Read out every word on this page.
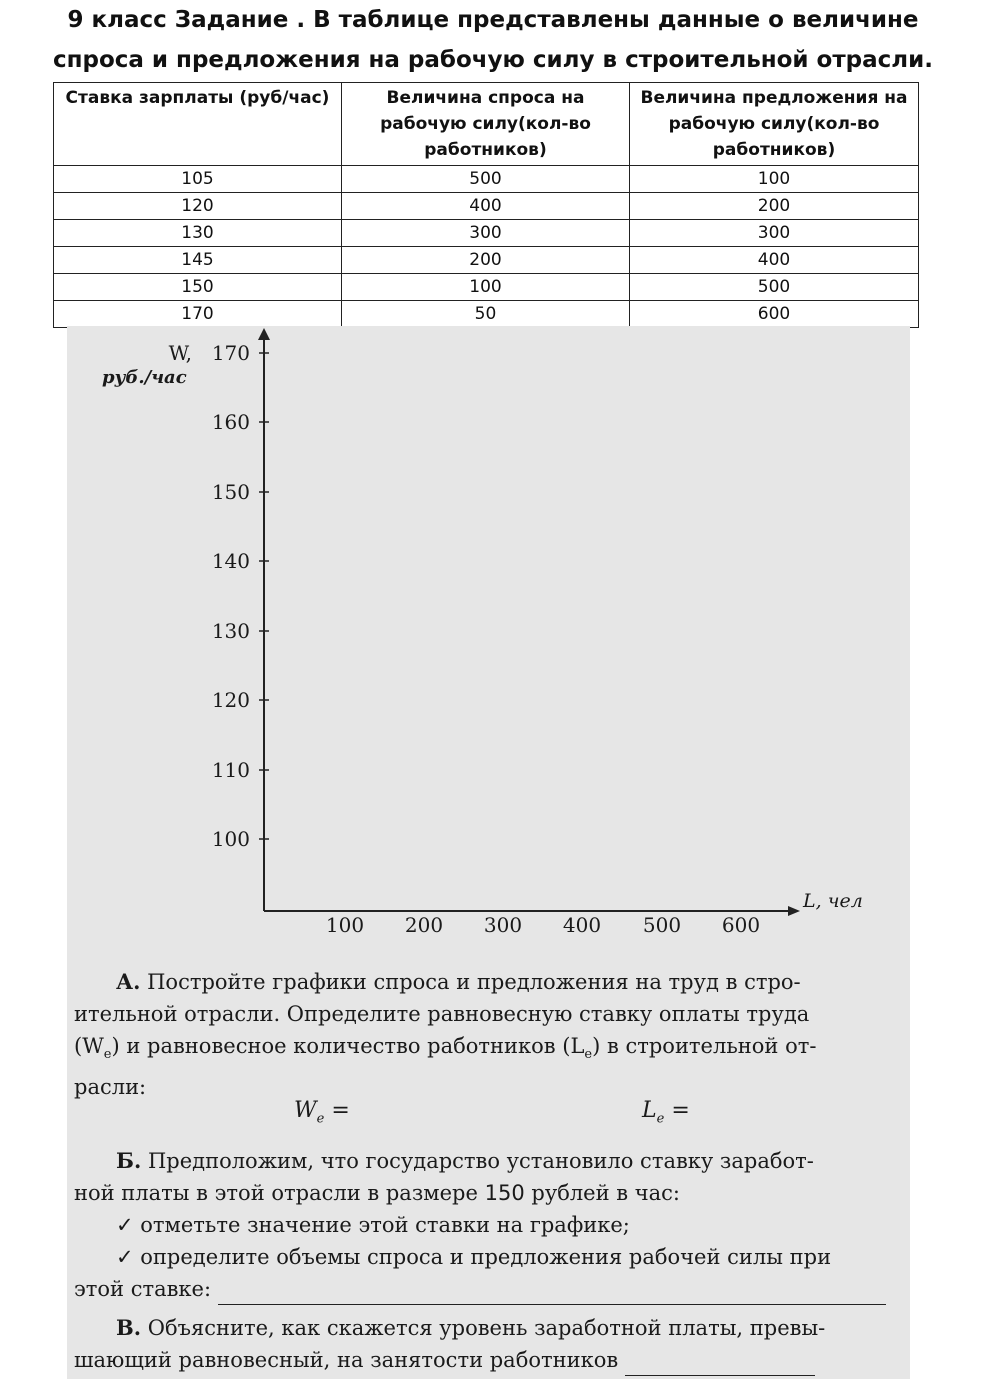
9 класс Задание . В таблице представлены данные о величине
спроса и предложения на рабочую силу в строительной отрасли.
Ставка зарплаты (руб/час)	Величина спроса на рабочую силу(кол-во работников)	Величина предложения на рабочую силу(кол-во работников)
105	500	100
120	400	200
130	300	300
145	200	400
150	100	500
170	50	600
170
160
150
140
130
120
110
100
W,
руб./час
100 200 300 400 500 600
L, чел
А. Постройте графики спроса и предложения на труд в стро-
ительной отрасли. Определите равновесную ставку оплаты труда
$(W_e)$ и равновесное количество работников $(L_e)$ в строительной от-
расли:
$W_e$ =	$L_e$ =
Б. Предположим, что государство установило ставку заработ-
ной платы в этой отрасли в размере 150 рублей в час:
✓ отметьте значение этой ставки на графике;
✓ определите объемы спроса и предложения рабочей силы при
этой ставке:
В. Объясните, как скажется уровень заработной платы, превы-
шающий равновесный, на занятости работников
